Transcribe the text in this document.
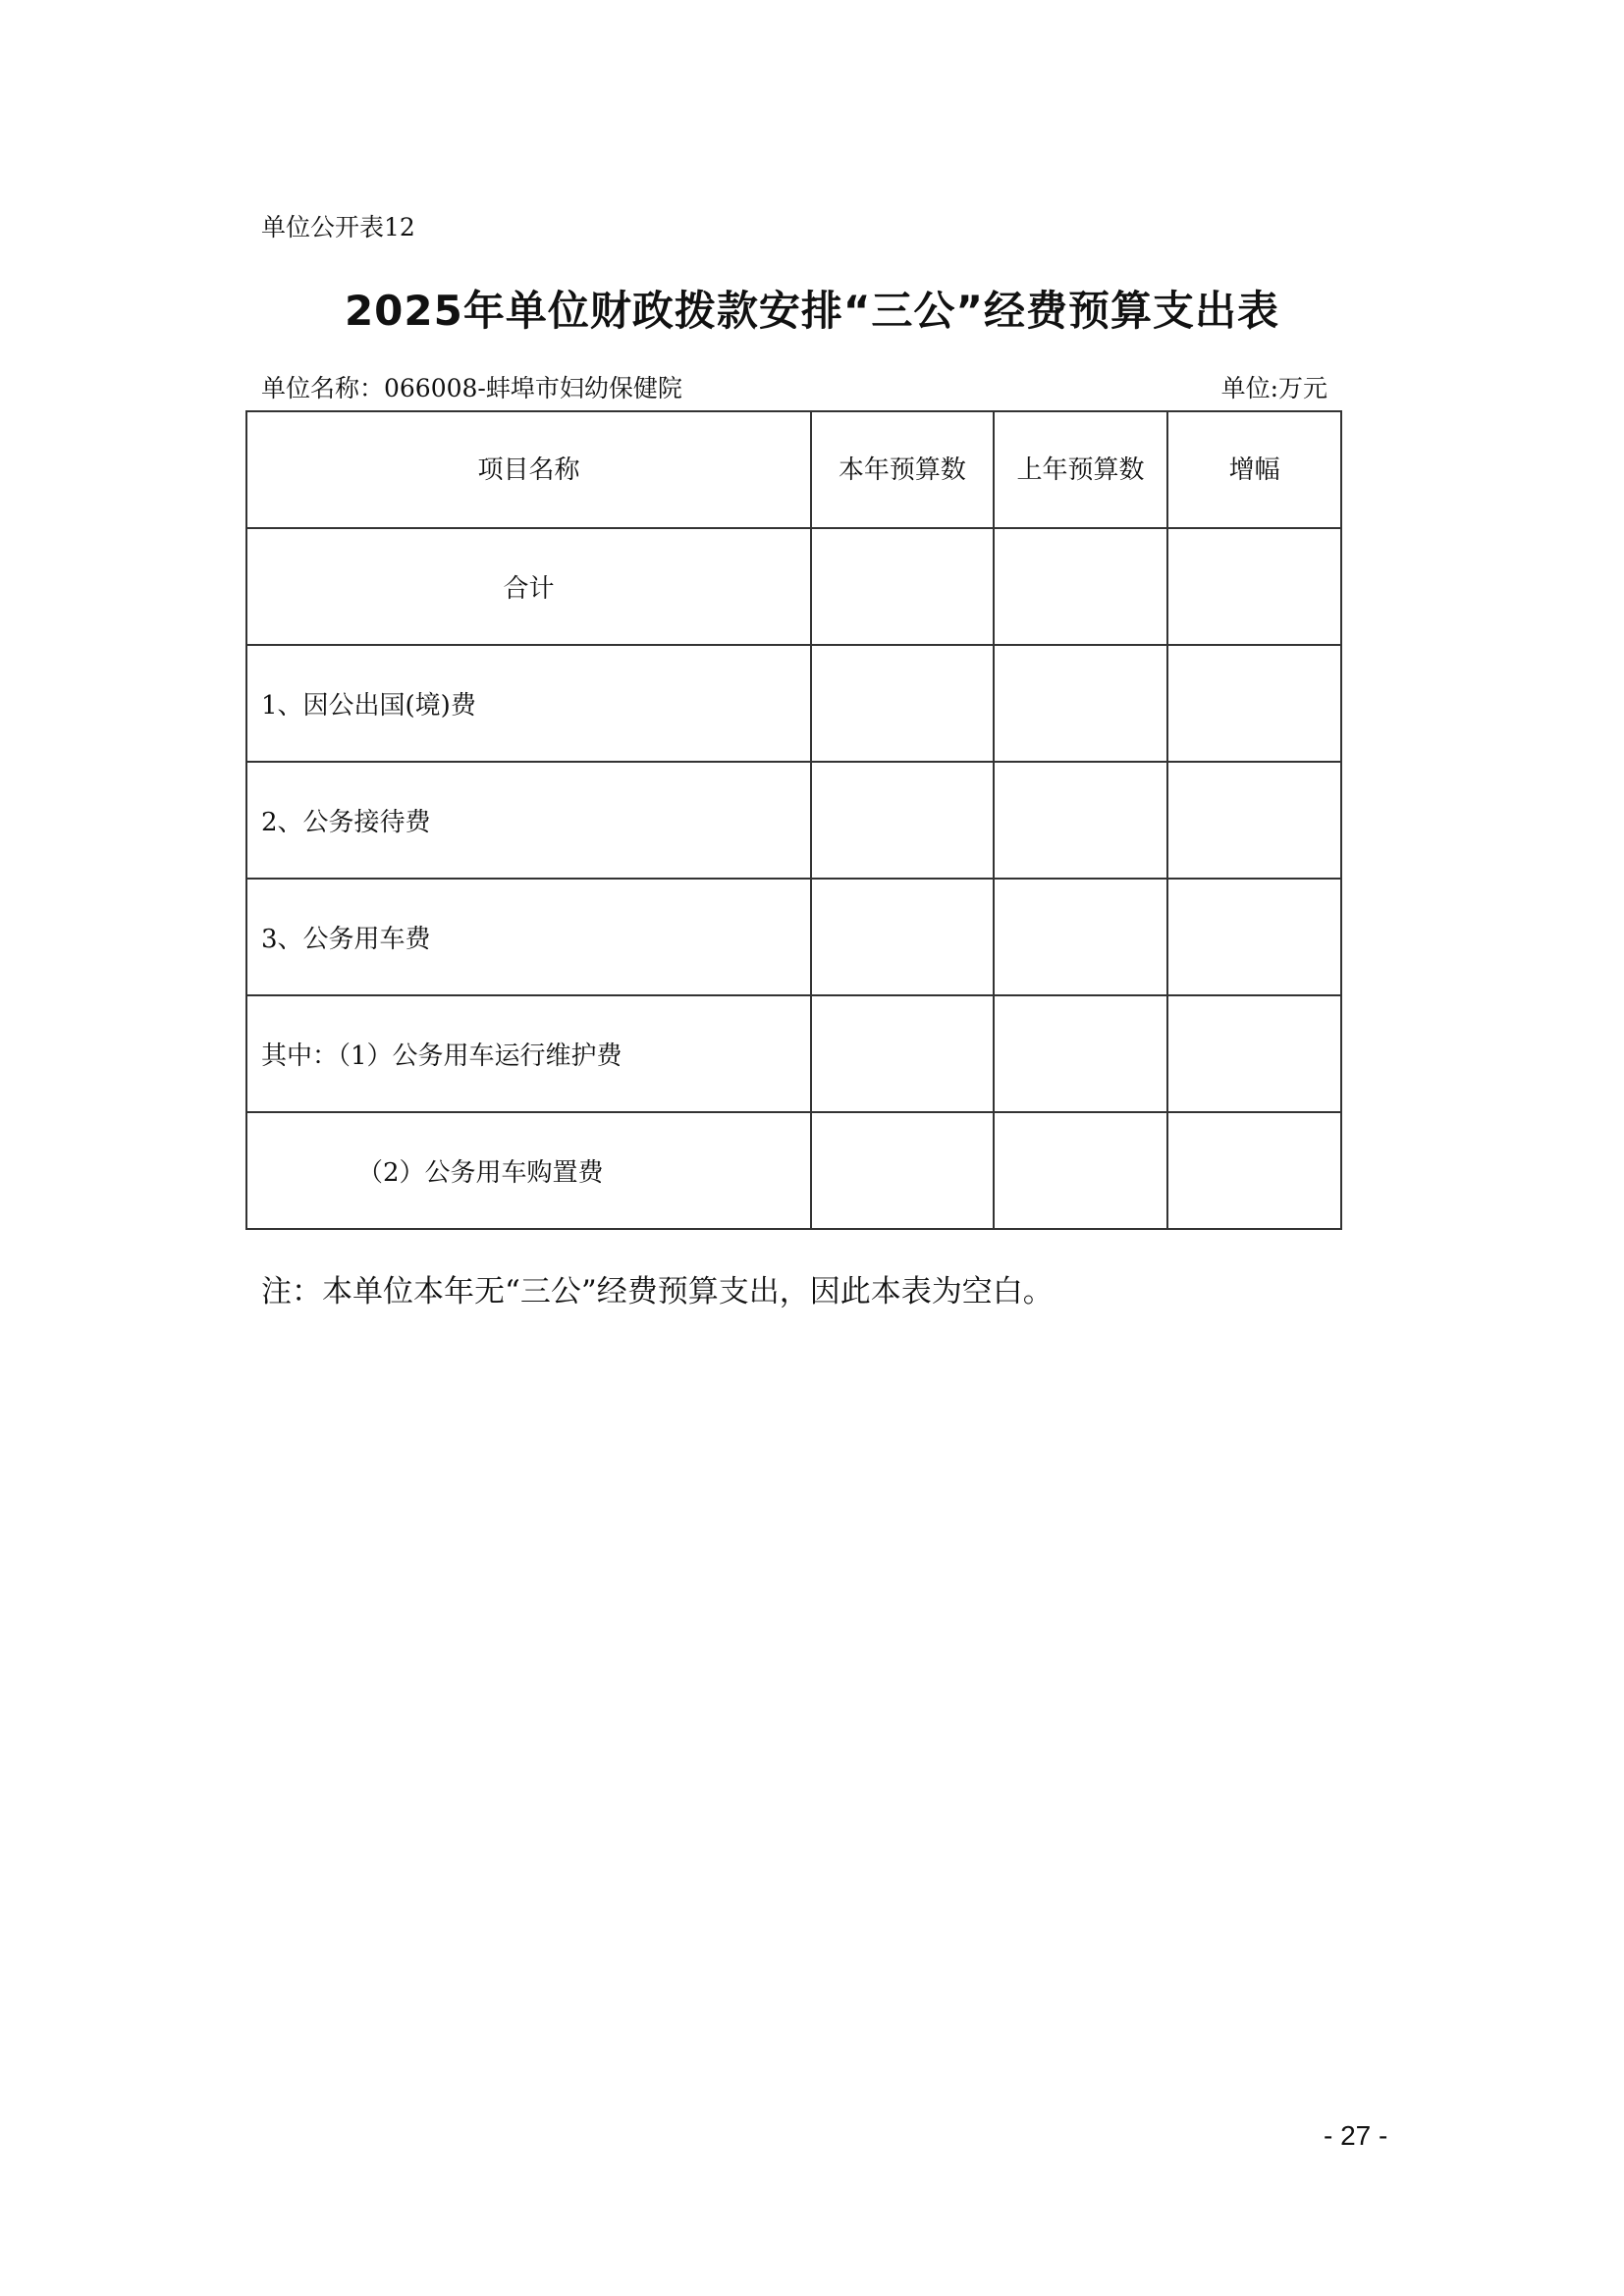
单位公开表12
2025年单位财政拨款安排“三公”经费预算支出表
单位名称：066008-蚌埠市妇幼保健院	单位:万元
项目名称	本年预算数	上年预算数	增幅
合计			
1、因公出国(境)费			
2、公务接待费			
3、公务用车费			
其中：（1）公务用车运行维护费			
（2）公务用车购置费			
注：本单位本年无“三公”经费预算支出，因此本表为空白。
- 27 -
